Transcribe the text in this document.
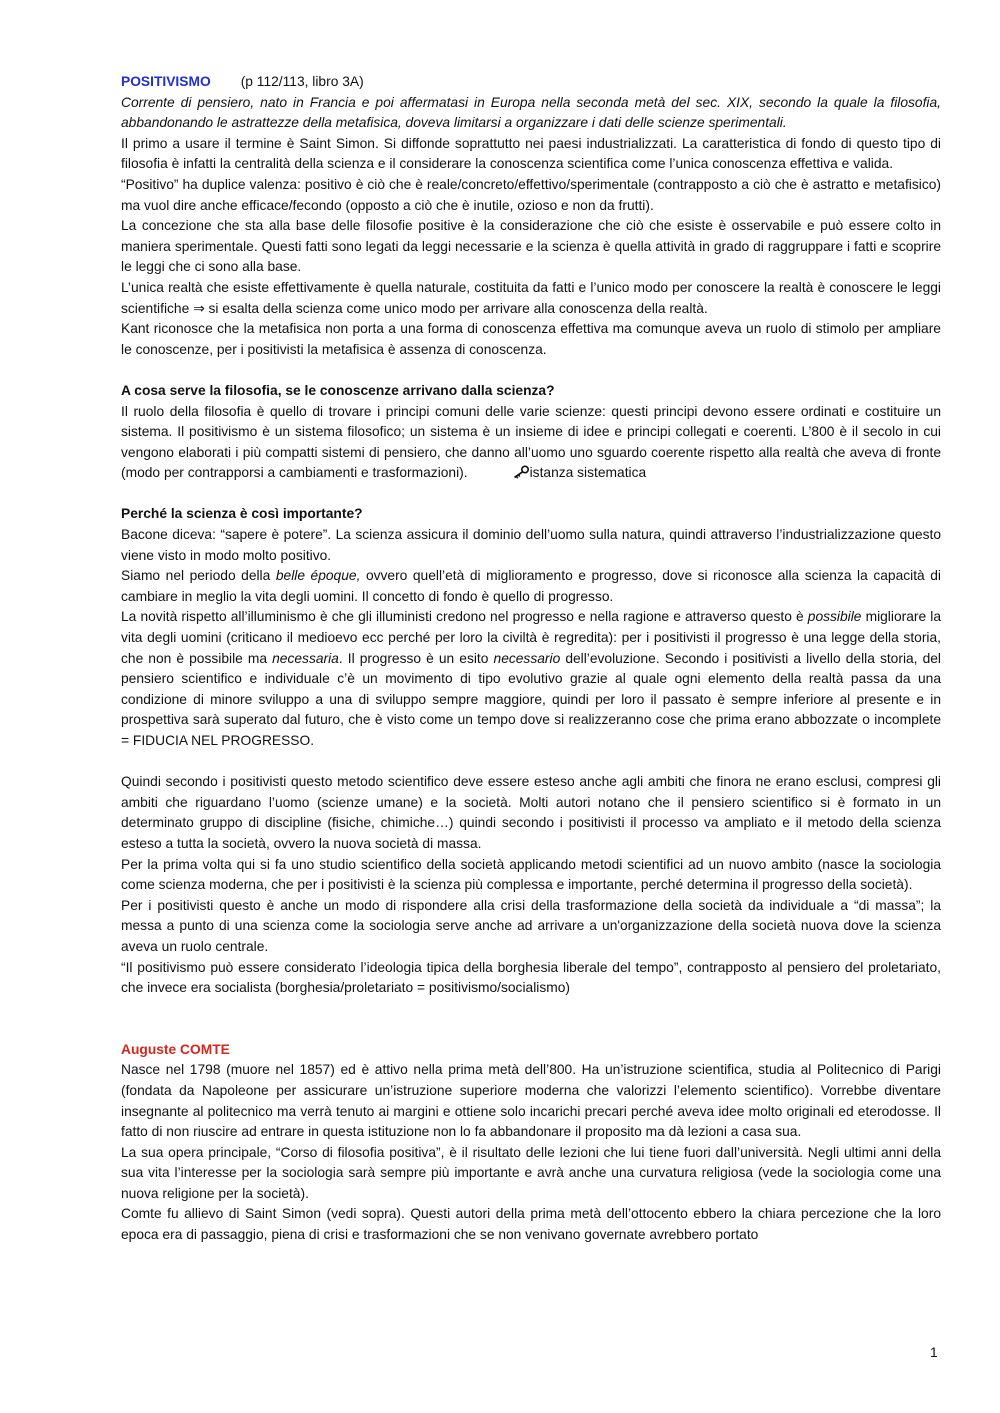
POSITIVISMO (p 112/113, libro 3A)

Corrente di pensiero, nato in Francia e poi affermatasi in Europa nella seconda metà del sec. XIX, secondo la quale la filosofia, abbandonando le astrattezze della metafisica, doveva limitarsi a organizzare i dati delle scienze sperimentali.

Il primo a usare il termine è Saint Simon. Si diffonde soprattutto nei paesi industrializzati. La caratteristica di fondo di questo tipo di filosofia è infatti la centralità della scienza e il considerare la conoscenza scientifica come l’unica conoscenza effettiva e valida.

“Positivo” ha duplice valenza: positivo è ciò che è reale/concreto/effettivo/sperimentale (contrapposto a ciò che è astratto e metafisico) ma vuol dire anche efficace/fecondo (opposto a ciò che è inutile, ozioso e non da frutti).

La concezione che sta alla base delle filosofie positive è la considerazione che ciò che esiste è osservabile e può essere colto in maniera sperimentale. Questi fatti sono legati da leggi necessarie e la scienza è quella attività in grado di raggruppare i fatti e scoprire le leggi che ci sono alla base.

L’unica realtà che esiste effettivamente è quella naturale, costituita da fatti e l’unico modo per conoscere la realtà è conoscere le leggi scientifiche ⇒ si esalta della scienza come unico modo per arrivare alla conoscenza della realtà.

Kant riconosce che la metafisica non porta a una forma di conoscenza effettiva ma comunque aveva un ruolo di stimolo per ampliare le conoscenze, per i positivisti la metafisica è assenza di conoscenza.

A cosa serve la filosofia, se le conoscenze arrivano dalla scienza?

Il ruolo della filosofia è quello di trovare i principi comuni delle varie scienze: questi principi devono essere ordinati e costituire un sistema. Il positivismo è un sistema filosofico; un sistema è un insieme di idee e principi collegati e coerenti. L’800 è il secolo in cui vengono elaborati i più compatti sistemi di pensiero, che danno all’uomo uno sguardo coerente rispetto alla realtà che aveva di fronte (modo per contrapporsi a cambiamenti e trasformazioni).	istanza sistematica

Perché la scienza è così importante?

Bacone diceva: “sapere è potere”. La scienza assicura il dominio dell’uomo sulla natura, quindi attraverso l’industrializzazione questo viene visto in modo molto positivo.

Siamo nel periodo della belle époque, ovvero quell’età di miglioramento e progresso, dove si riconosce alla scienza la capacità di cambiare in meglio la vita degli uomini. Il concetto di fondo è quello di progresso.

La novità rispetto all’illuminismo è che gli illuministi credono nel progresso e nella ragione e attraverso questo è possibile migliorare la vita degli uomini (criticano il medioevo ecc perché per loro la civiltà è regredita): per i positivisti il progresso è una legge della storia, che non è possibile ma necessaria. Il progresso è un esito necessario dell’evoluzione. Secondo i positivisti a livello della storia, del pensiero scientifico e individuale c’è un movimento di tipo evolutivo grazie al quale ogni elemento della realtà passa da una condizione di minore sviluppo a una di sviluppo sempre maggiore, quindi per loro il passato è sempre inferiore al presente e in prospettiva sarà superato dal futuro, che è visto come un tempo dove si realizzeranno cose che prima erano abbozzate o incomplete = FIDUCIA NEL PROGRESSO.

Quindi secondo i positivisti questo metodo scientifico deve essere esteso anche agli ambiti che finora ne erano esclusi, compresi gli ambiti che riguardano l’uomo (scienze umane) e la società. Molti autori notano che il pensiero scientifico si è formato in un determinato gruppo di discipline (fisiche, chimiche…) quindi secondo i positivisti il processo va ampliato e il metodo della scienza esteso a tutta la società, ovvero la nuova società di massa.

Per la prima volta qui si fa uno studio scientifico della società applicando metodi scientifici ad un nuovo ambito (nasce la sociologia come scienza moderna, che per i positivisti è la scienza più complessa e importante, perché determina il progresso della società).

Per i positivisti questo è anche un modo di rispondere alla crisi della trasformazione della società da individuale a “di massa”; la messa a punto di una scienza come la sociologia serve anche ad arrivare a un'organizzazione della società nuova dove la scienza aveva un ruolo centrale.

“Il positivismo può essere considerato l’ideologia tipica della borghesia liberale del tempo”, contrapposto al pensiero del proletariato, che invece era socialista (borghesia/proletariato = positivismo/socialismo)

Auguste COMTE

Nasce nel 1798 (muore nel 1857) ed è attivo nella prima metà dell’800. Ha un’istruzione scientifica, studia al Politecnico di Parigi (fondata da Napoleone per assicurare un’istruzione superiore moderna che valorizzi l’elemento scientifico). Vorrebbe diventare insegnante al politecnico ma verrà tenuto ai margini e ottiene solo incarichi precari perché aveva idee molto originali ed eterodosse. Il fatto di non riuscire ad entrare in questa istituzione non lo fa abbandonare il proposito ma dà lezioni a casa sua.

La sua opera principale, “Corso di filosofia positiva”, è il risultato delle lezioni che lui tiene fuori dall’università. Negli ultimi anni della sua vita l’interesse per la sociologia sarà sempre più importante e avrà anche una curvatura religiosa (vede la sociologia come una nuova religione per la società).

Comte fu allievo di Saint Simon (vedi sopra). Questi autori della prima metà dell’ottocento ebbero la chiara percezione che la loro epoca era di passaggio, piena di crisi e trasformazioni che se non venivano governate avrebbero portato

1
